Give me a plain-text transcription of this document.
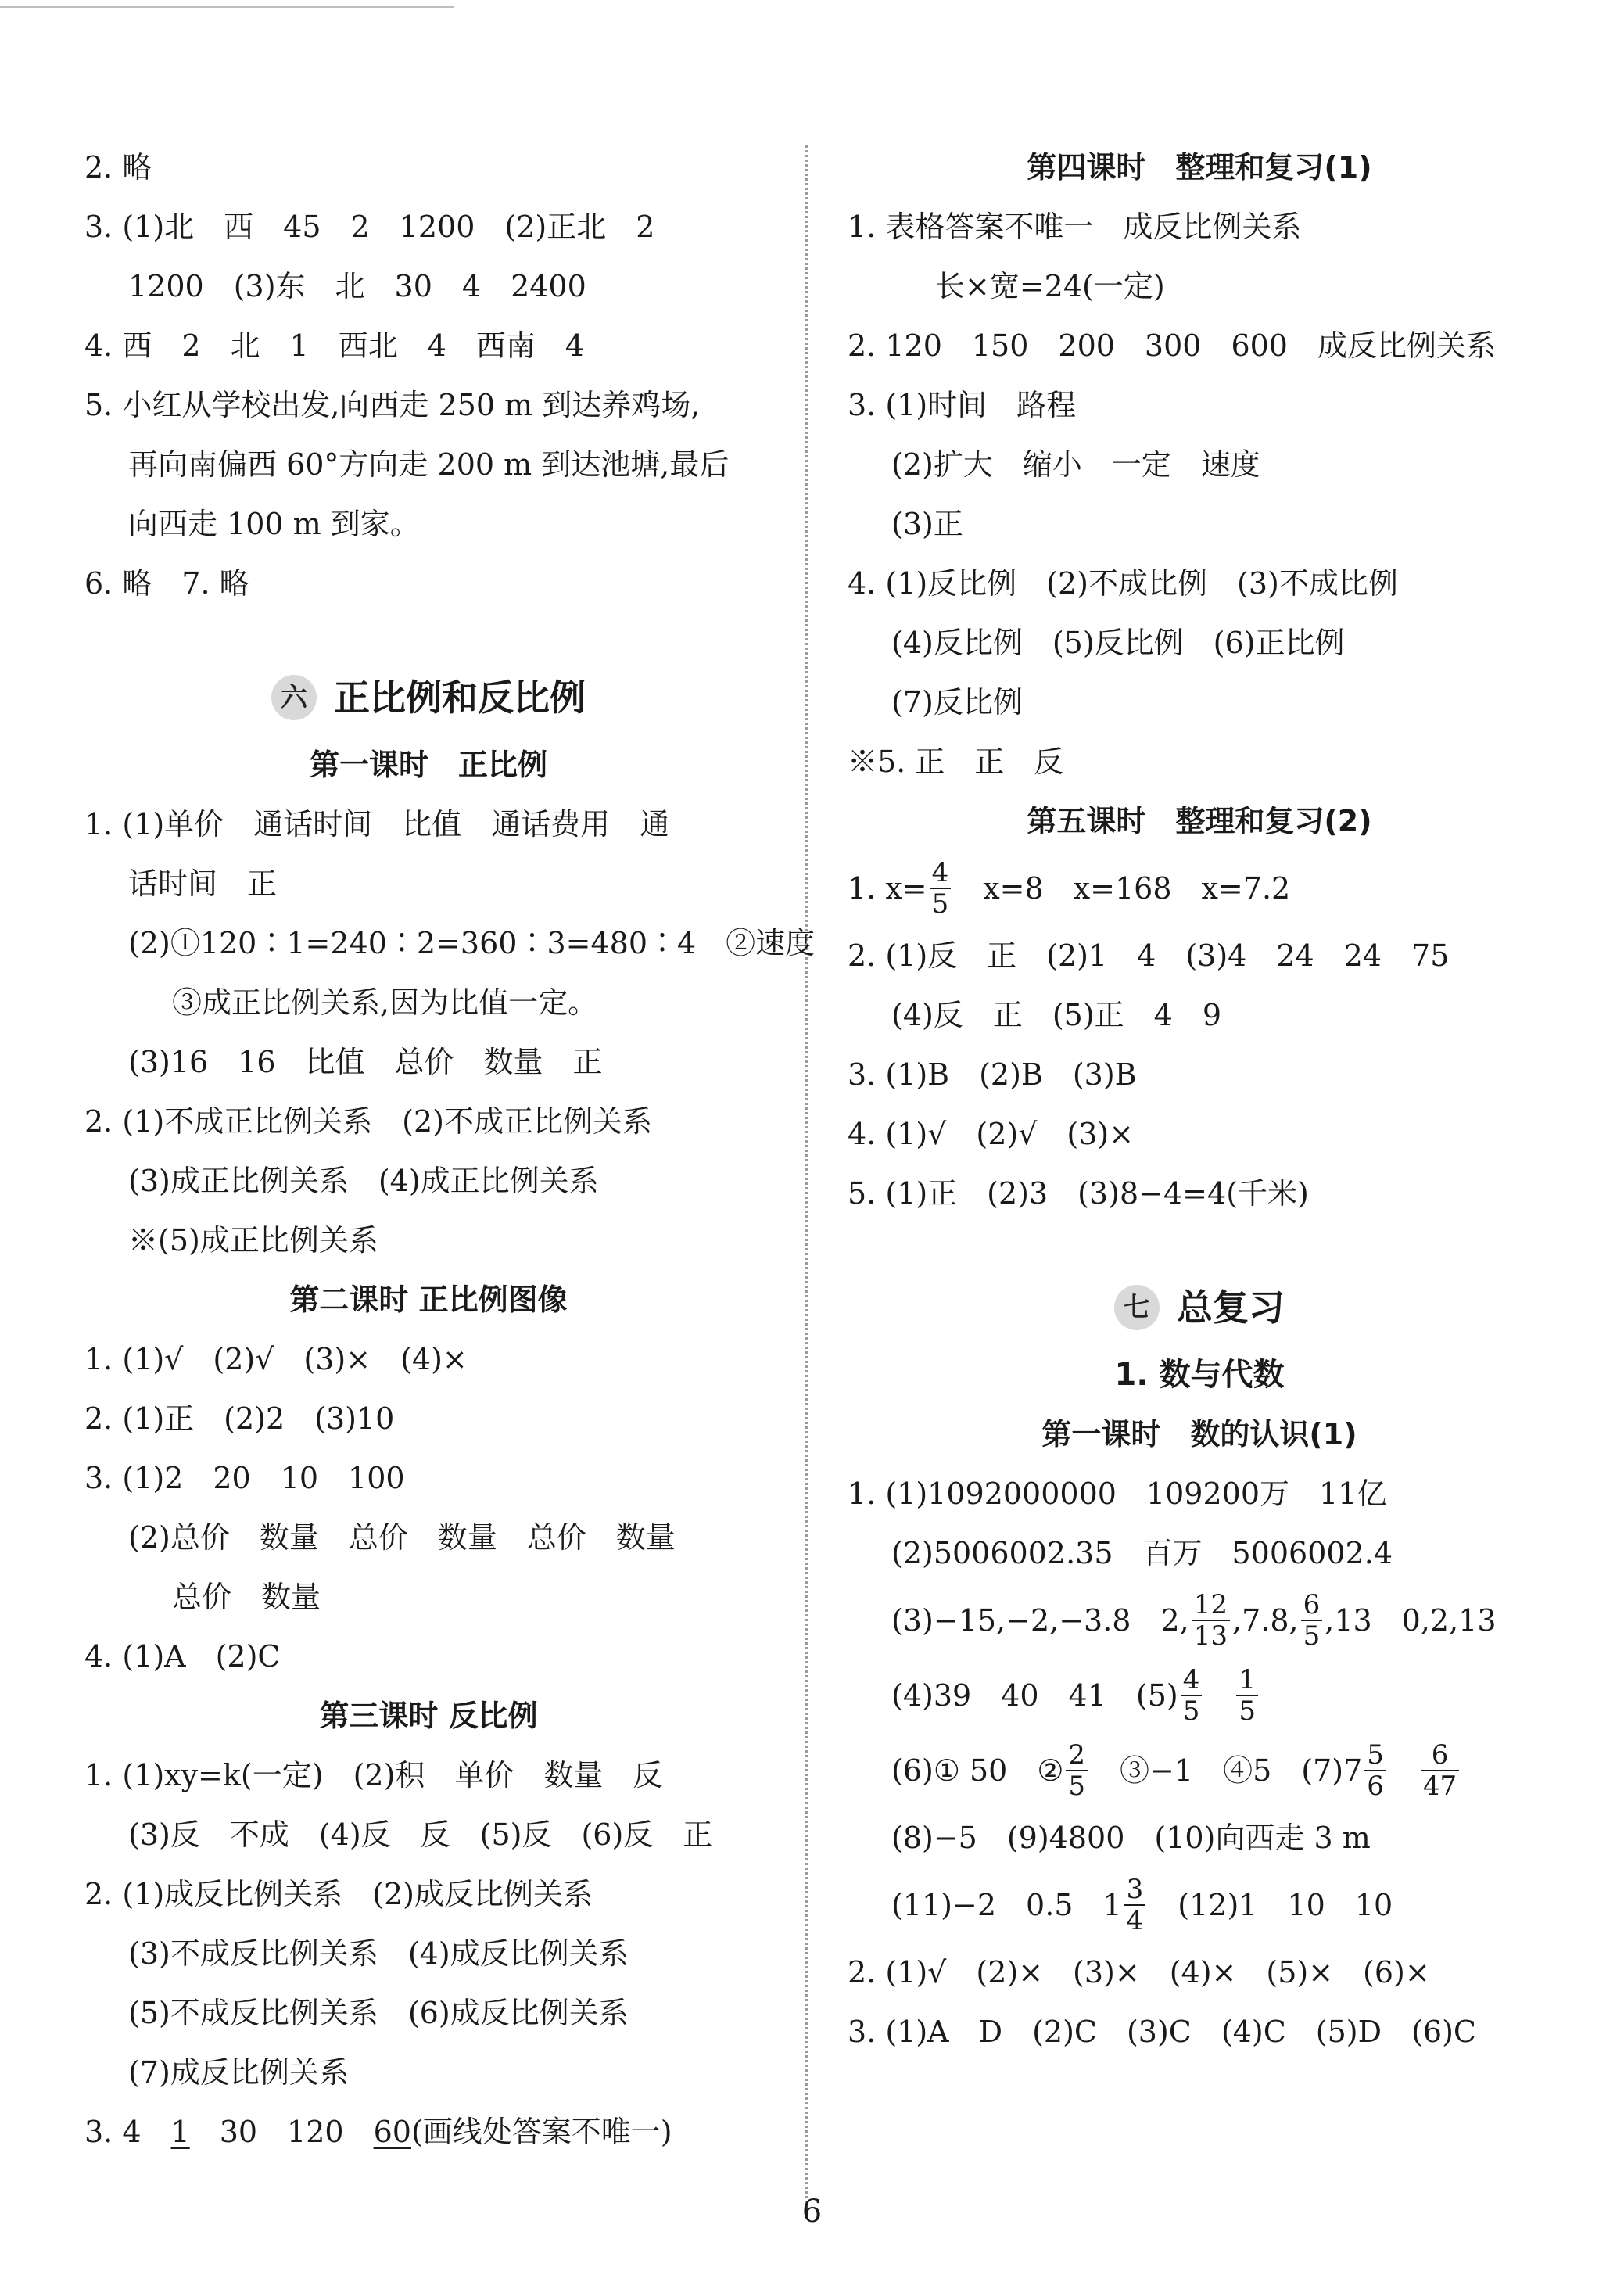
2. 略
3. (1)北　西　45　2　1200　(2)正北　2
1200　(3)东　北　30　4　2400
4. 西　2　北　1　西北　4　西南　4
5. 小红从学校出发,向西走 250 m 到达养鸡场,
再向南偏西 60°方向走 200 m 到达池塘,最后
向西走 100 m 到家。
6. 略　7. 略
六 正比例和反比例
第一课时　正比例
1. (1)单价　通话时间　比值　通话费用　通
话时间　正
(2)①120∶1=240∶2=360∶3=480∶4　②速度
③成正比例关系,因为比值一定。
(3)16　16　比值　总价　数量　正
2. (1)不成正比例关系　(2)不成正比例关系
(3)成正比例关系　(4)成正比例关系
※(5)成正比例关系
第二课时 正比例图像
1. (1)√　(2)√　(3)×　(4)×
2. (1)正　(2)2　(3)10
3. (1)2　20　10　100
(2)总价　数量　总价　数量　总价　数量
总价　数量
4. (1)A　(2)C
第三课时 反比例
1. (1)xy=k(一定)　(2)积　单价　数量　反
(3)反　不成　(4)反　反　(5)反　(6)反　正
2. (1)成反比例关系　(2)成反比例关系
(3)不成反比例关系　(4)成反比例关系
(5)不成反比例关系　(6)成反比例关系
(7)成反比例关系
3. 4　1　30　120　60(画线处答案不唯一)
第四课时　整理和复习(1)
1. 表格答案不唯一　成反比例关系
长×宽=24(一定)
2. 120　150　200　300　600　成反比例关系
3. (1)时间　路程
(2)扩大　缩小　一定　速度
(3)正
4. (1)反比例　(2)不成比例　(3)不成比例
(4)反比例　(5)反比例　(6)正比例
(7)反比例
※5. 正　正　反
第五课时　整理和复习(2)
1. $x= \frac{4}{5}$ 　x=8　x=168　x=7.2
2. (1)反　正　(2)1　4　(3)4　24　24　75
(4)反　正　(5)正　4　9
3. (1)B　(2)B　(3)B
4. (1)√　(2)√　(3)×
5. (1)正　(2)3　(3)8−4=4(千米)
七 总复习
1. 数与代数
第一课时　数的认识(1)
1. (1)1092000000　109200万　11亿
(2)5006002.35　百万　5006002.4
(3)−15,−2,−3.8　2, $\frac{12}{13} ,7.8$, $\frac{6}{5} ,13$　0,2,13
(4)39　40　41　$(5) \frac{4}{5}$
　 $\frac{1}{5}$
(6)① 50　② $\frac{2}{5}$ 　③−1　④5　$(7)7 \frac{5}{6}$
　 $\frac{6}{47}$
(8)−5　(9)4800　(10)向西走 3 m
(11)−2　0.5　$1 \frac{3}{4}$ 　(12)1　10　10
2. (1)√　(2)×　(3)×　(4)×　(5)×　(6)×
3. (1)A　D　(2)C　(3)C　(4)C　(5)D　(6)C
6
